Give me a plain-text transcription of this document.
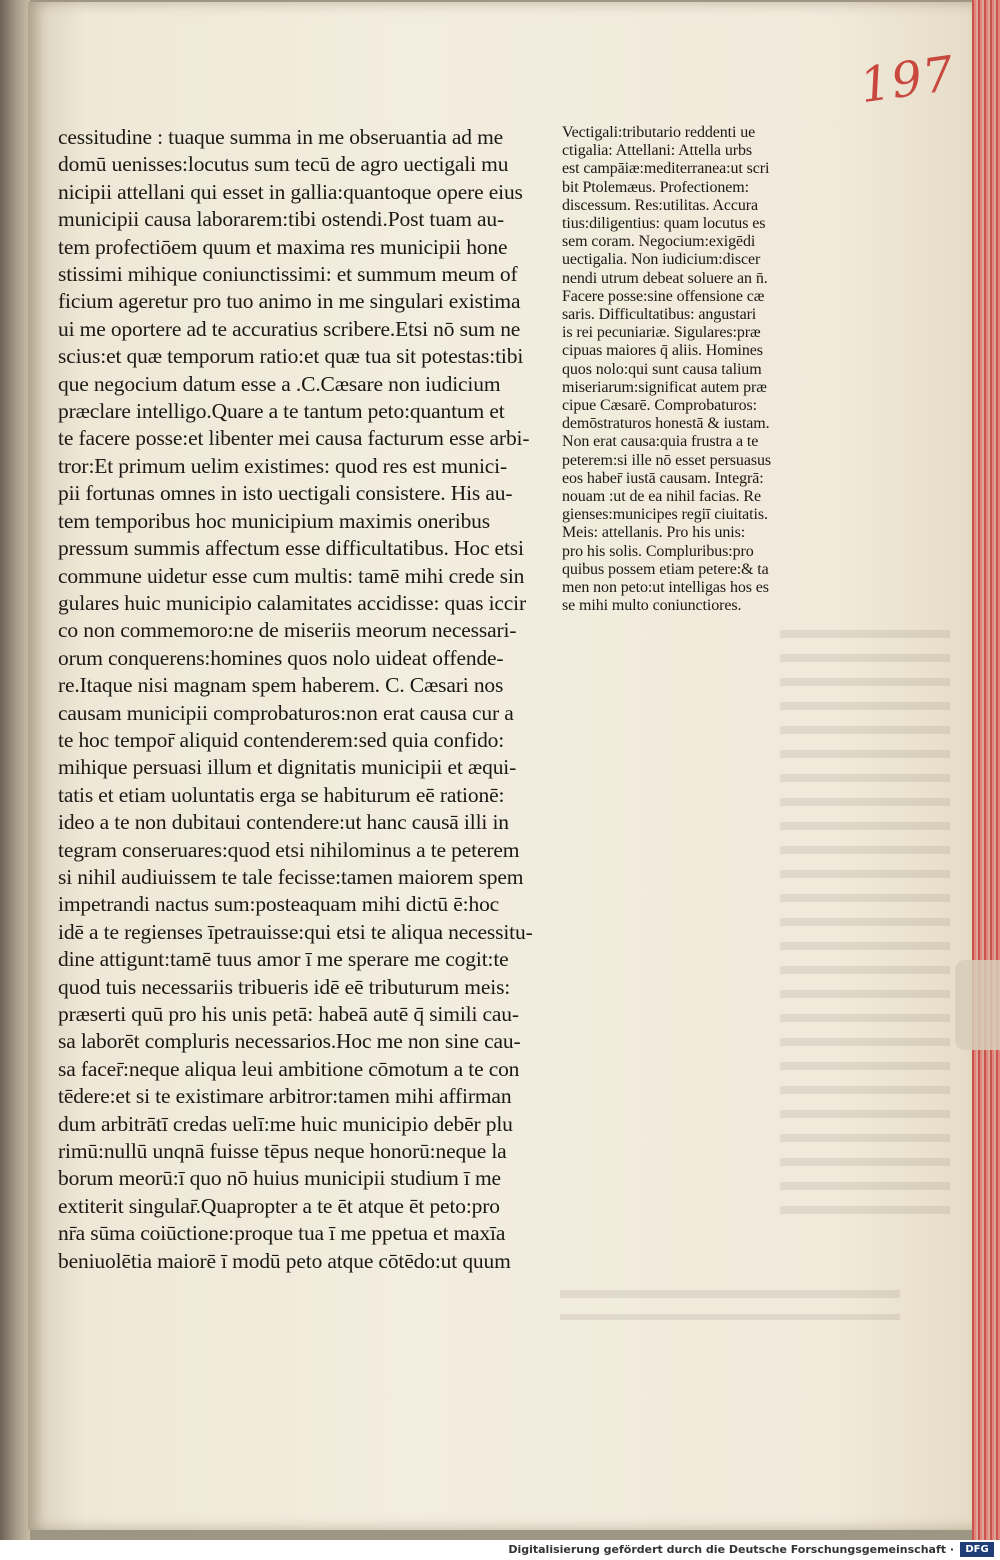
197
cessitudine : tuaque summa in me obseruantia ad me
domū uenisses:locutus sum tecū de agro uectigali mu
nicipii attellani qui esset in gallia:quantoque opere eius
municipii causa laborarem:tibi ostendi.Post tuam au-
tem profectiōem quum et maxima res municipii hone
stissimi mihique coniunctissimi: et summum meum of
ficium ageretur pro tuo animo in me singulari existima
ui me oportere ad te accuratius scribere.Etsi nō sum ne
scius:et quæ temporum ratio:et quæ tua sit potestas:tibi
que negocium datum esse a .C.Cæsare non iudicium
præclare intelligo.Quare a te tantum peto:quantum et
te facere posse:et libenter mei causa facturum esse arbi-
tror:Et primum uelim existimes: quod res est munici-
pii fortunas omnes in isto uectigali consistere. His au-
tem temporibus hoc municipium maximis oneribus
pressum summis affectum esse difficultatibus. Hoc etsi
commune uidetur esse cum multis: tamē mihi crede sin
gulares huic municipio calamitates accidisse: quas iccir
co non commemoro:ne de miseriis meorum necessari-
orum conquerens:homines quos nolo uideat offende-
re.Itaque nisi magnam spem haberem. C. Cæsari nos
causam municipii comprobaturos:non erat causa cur a
te hoc tempor̄ aliquid contenderem:sed quia confido:
mihique persuasi illum et dignitatis municipii et æqui-
tatis et etiam uoluntatis erga se habiturum eē rationē:
ideo a te non dubitaui contendere:ut hanc causā illi in
tegram conseruares:quod etsi nihilominus a te peterem
si nihil audiuissem te tale fecisse:tamen maiorem spem
impetrandi nactus sum:posteaquam mihi dictū ē:hoc
idē a te regienses īpetrauisse:qui etsi te aliqua necessitu-
dine attigunt:tamē tuus amor ī me sperare me cogit:te
quod tuis necessariis tribueris idē eē tributurum meis:
præserti quū pro his unis petā: habeā autē q̄ simili cau-
sa laborēt compluris necessarios.Hoc me non sine cau-
sa facer̄:neque aliqua leui ambitione cōmotum a te con
tēdere:et si te existimare arbitror:tamen mihi affirman
dum arbitrātī credas uelī:me huic municipio debēr plu
rimū:nullū unqnā fuisse tēpus neque honorū:neque la
borum meorū:ī quo nō huius municipii studium ī me
extiterit singular̄.Quapropter a te ēt atque ēt peto:pro
nr̄a sūma coiūctione:proque tua ī me ppetua et maxīa
beniuolētia maiorē ī modū peto atque cōtēdo:ut quum
Vectigali:tributario reddenti ue
ctigalia: Attellani: Attella urbs
est campāiæ:mediterranea:ut scri
bit Ptolemæus. Profectionem:
discessum. Res:utilitas. Accura
tius:diligentius: quam locutus es
sem coram. Negocium:exigēdi
uectigalia. Non iudicium:discer
nendi utrum debeat soluere an n̄.
Facere posse:sine offensione cæ
saris. Difficultatibus: angustari
is rei pecuniariæ. Sigulares:præ
cipuas maiores q̄ aliis. Homines
quos nolo:qui sunt causa talium
miseriarum:significat autem præ
cipue Cæsarē. Comprobaturos:
demōstraturos honestā & iustam.
Non erat causa:quia frustra a te
peterem:si ille nō esset persuasus
eos haber̄ iustā causam. Integrā:
nouam :ut de ea nihil facias. Re
gienses:municipes regiī ciuitatis.
Meis: attellanis. Pro his unis:
pro his solis. Compluribus:pro
quibus possem etiam petere:& ta
men non peto:ut intelligas hos es
se mihi multo coniunctiores.
Digitalisierung gefördert durch die Deutsche Forschungsgemeinschaft ·	DFG
